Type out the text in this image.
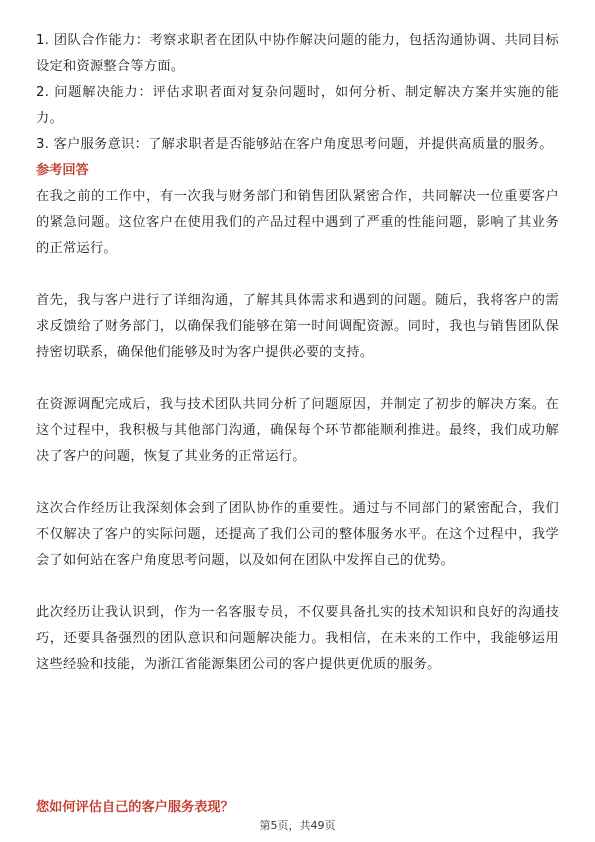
1. 团队合作能力：考察求职者在团队中协作解决问题的能力，包括沟通协调、共同目标设定和资源整合等方面。

2. 问题解决能力：评估求职者面对复杂问题时，如何分析、制定解决方案并实施的能力。

3. 客户服务意识：了解求职者是否能够站在客户角度思考问题，并提供高质量的服务。

参考回答

在我之前的工作中，有一次我与财务部门和销售团队紧密合作，共同解决一位重要客户的紧急问题。这位客户在使用我们的产品过程中遇到了严重的性能问题，影响了其业务的正常运行。

首先，我与客户进行了详细沟通，了解其具体需求和遇到的问题。随后，我将客户的需求反馈给了财务部门，以确保我们能够在第一时间调配资源。同时，我也与销售团队保持密切联系，确保他们能够及时为客户提供必要的支持。

在资源调配完成后，我与技术团队共同分析了问题原因，并制定了初步的解决方案。在这个过程中，我积极与其他部门沟通，确保每个环节都能顺利推进。最终，我们成功解决了客户的问题，恢复了其业务的正常运行。

这次合作经历让我深刻体会到了团队协作的重要性。通过与不同部门的紧密配合，我们不仅解决了客户的实际问题，还提高了我们公司的整体服务水平。在这个过程中，我学会了如何站在客户角度思考问题，以及如何在团队中发挥自己的优势。

此次经历让我认识到，作为一名客服专员，不仅要具备扎实的技术知识和良好的沟通技巧，还要具备强烈的团队意识和问题解决能力。我相信，在未来的工作中，我能够运用这些经验和技能，为浙江省能源集团公司的客户提供更优质的服务。

您如何评估自己的客户服务表现？

第5页，共49页
